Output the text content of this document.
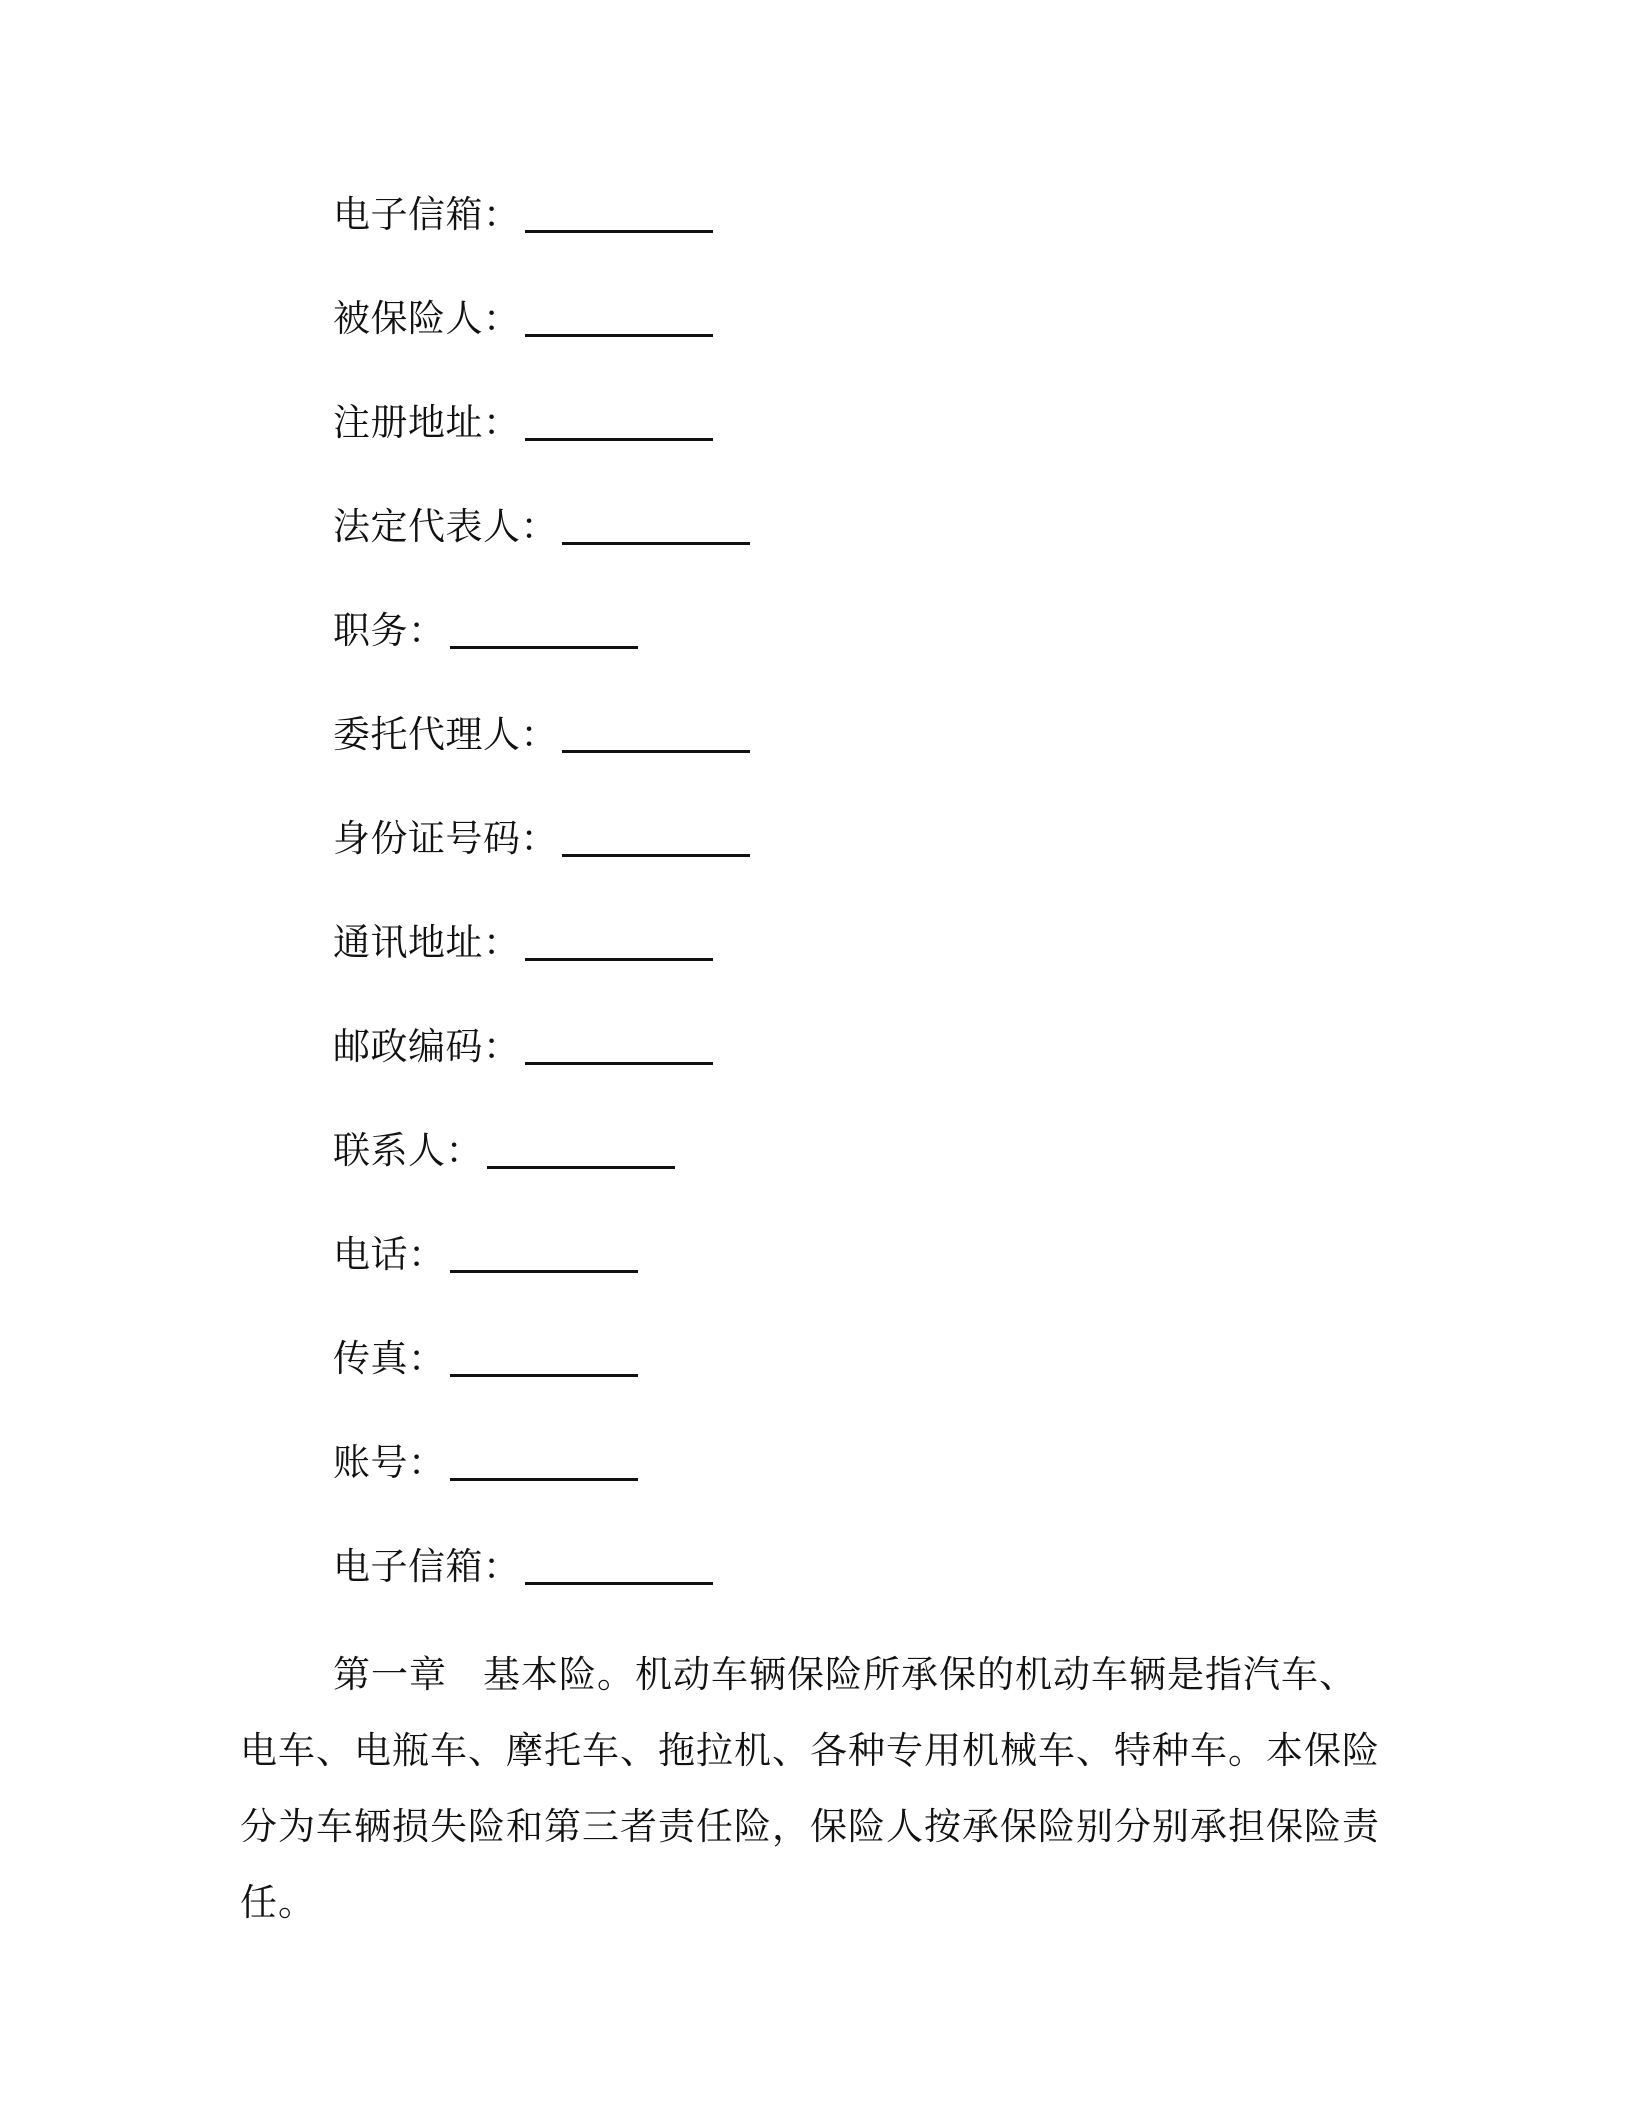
电子信箱：
被保险人：
注册地址：
法定代表人：
职务：
委托代理人：
身份证号码：
通讯地址：
邮政编码：
联系人：
电话：
传真：
账号：
电子信箱：

第一章 基本险。机动车辆保险所承保的机动车辆是指汽车、电车、电瓶车、摩托车、拖拉机、各种专用机械车、特种车。本保险分为车辆损失险和第三者责任险，保险人按承保险别分别承担保险责任。
